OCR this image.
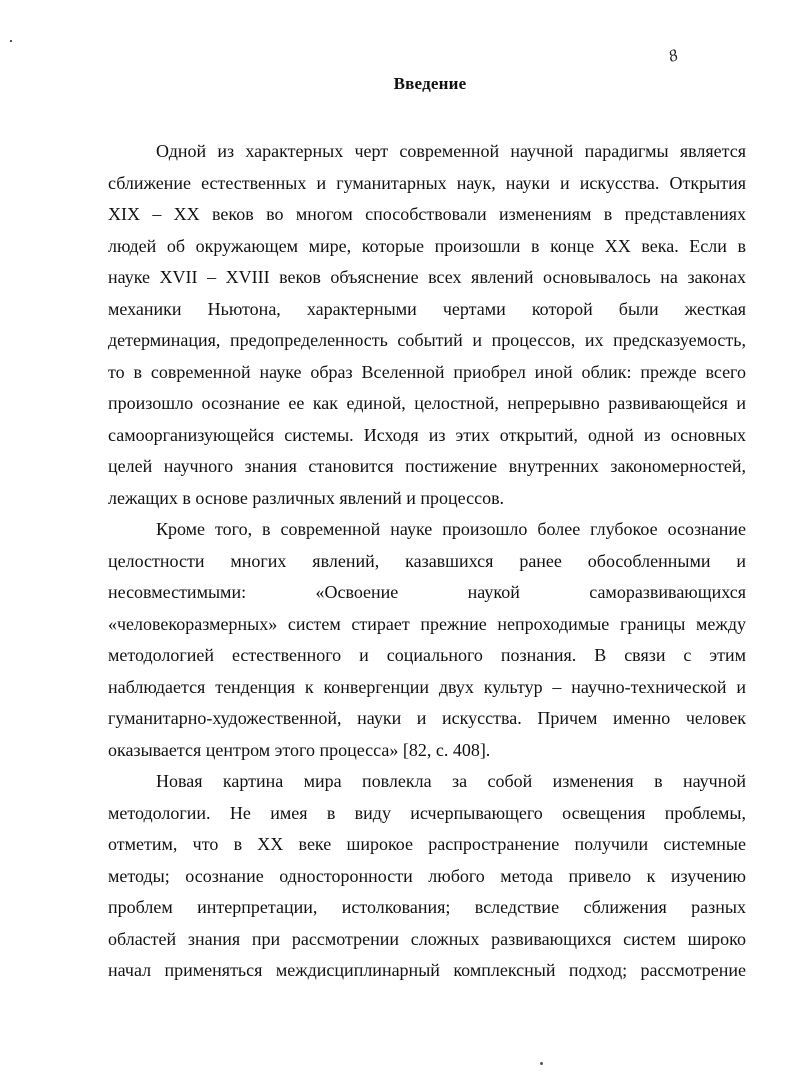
8
Введение
Одной из характерных черт современной научной парадигмы является
сближение естественных и гуманитарных наук, науки и искусства. Открытия
XIX – XX веков во многом способствовали изменениям в представлениях
людей об окружающем мире, которые произошли в конце XX века. Если в
науке XVII – XVIII веков объяснение всех явлений основывалось на законах
механики Ньютона, характерными чертами которой были жесткая
детерминация, предопределенность событий и процессов, их предсказуемость,
то в современной науке образ Вселенной приобрел иной облик: прежде всего
произошло осознание ее как единой, целостной, непрерывно развивающейся и
самоорганизующейся системы. Исходя из этих открытий, одной из основных
целей научного знания становится постижение внутренних закономерностей,
лежащих в основе различных явлений и процессов.
Кроме того, в современной науке произошло более глубокое осознание
целостности многих явлений, казавшихся ранее обособленными и
несовместимыми: «Освоение наукой саморазвивающихся
«человекоразмерных» систем стирает прежние непроходимые границы между
методологией естественного и социального познания. В связи с этим
наблюдается тенденция к конвергенции двух культур – научно-технической и
гуманитарно-художественной, науки и искусства. Причем именно человек
оказывается центром этого процесса» [82, с. 408].
Новая картина мира повлекла за собой изменения в научной
методологии. Не имея в виду исчерпывающего освещения проблемы,
отметим, что в XX веке широкое распространение получили системные
методы; осознание односторонности любого метода привело к изучению
проблем интерпретации, истолкования; вследствие сближения разных
областей знания при рассмотрении сложных развивающихся систем широко
начал применяться междисциплинарный комплексный подход; рассмотрение
